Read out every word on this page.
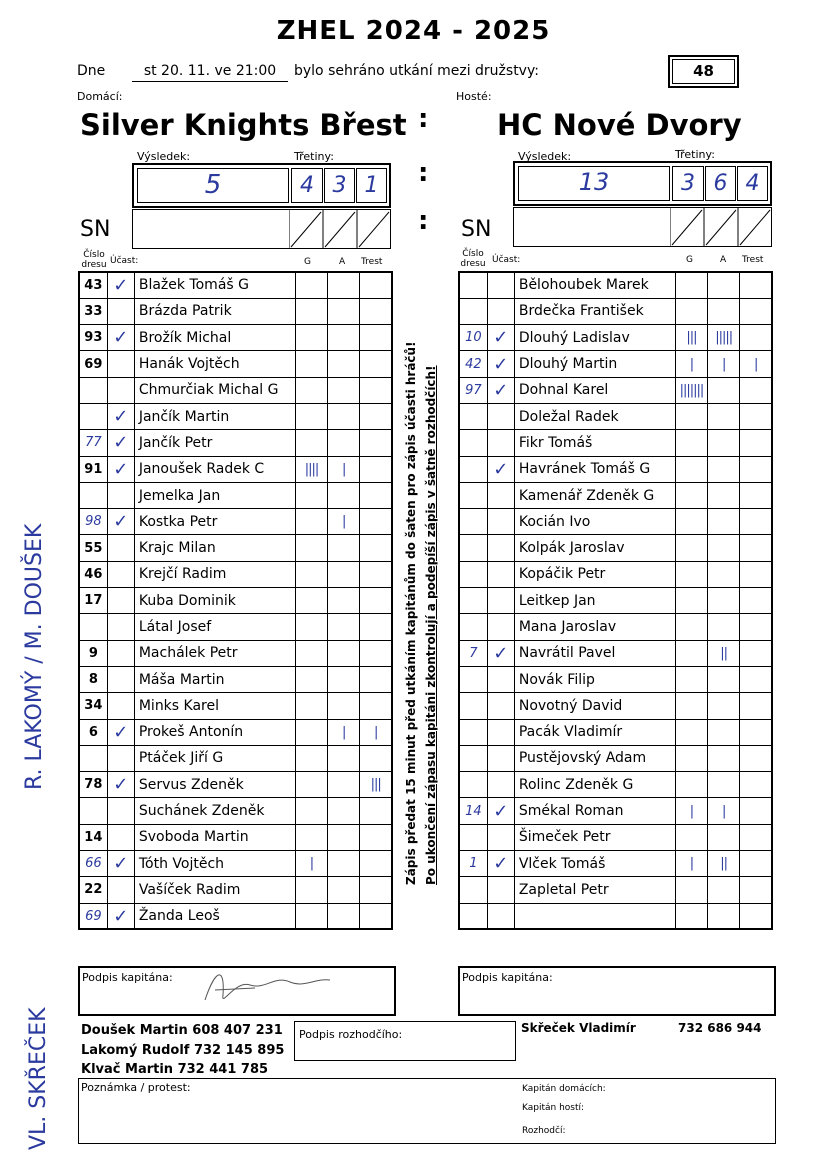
ZHEL 2024 - 2025
Dne	st 20. 11. ve 21:00	bylo sehráno utkání mezi družstvy:	48
Domácí:	Hosté:
Silver Knights Břest	HC Nové Dvory
:
:
:
Výsledek:	Třetiny:
5	4 3 1
Výsledek:	Třetiny:
13	3 6 4
SN	SN
Číslo dresu Účast:	G	A Trest
Číslo dresu Účast:	G	A Trest
43	✓	Blažek Tomáš G			
33		Brázda Patrik			
93	✓	Brožík Michal			
69		Hanák Vojtěch			
		Chmurčiak Michal G			
	✓	Jančík Martin			
77	✓	Jančík Petr			
91	✓	Janoušek Radek C	||||	|	
		Jemelka Jan			
98	✓	Kostka Petr		|	
55		Krajc Milan			
46		Krejčí Radim			
17		Kuba Dominik			
		Látal Josef			
9		Machálek Petr			
8		Máša Martin			
34		Minks Karel			
6	✓	Prokeš Antonín		|	|
		Ptáček Jiří G			
78	✓	Servus Zdeněk			|||
		Suchánek Zdeněk			
14		Svoboda Martin			
66	✓	Tóth Vojtěch	|		
22		Vašíček Radim			
69	✓	Žanda Leoš			
		Bělohoubek Marek			
		Brdečka František			
10	✓	Dlouhý Ladislav	|||	|||||	
42	✓	Dlouhý Martin	|	|	|
97	✓	Dohnal Karel	|||||||		
		Doležal Radek			
		Fikr Tomáš			
	✓	Havránek Tomáš G			
		Kamenář Zdeněk G			
		Kocián Ivo			
		Kolpák Jaroslav			
		Kopáčik Petr			
		Leitkep Jan			
		Mana Jaroslav			
7	✓	Navrátil Pavel		||	
		Novák Filip			
		Novotný David			
		Pacák Vladimír			
		Pustějovský Adam			
		Rolinc Zdeněk G			
14	✓	Smékal Roman	|	|	
		Šimeček Petr			
1	✓	Vlček Tomáš	|	||	
		Zapletal Petr			

Zápis předat 15 minut před utkáním kapitánům do šaten pro zápis účasti hráčů! Po ukončení zápasu kapitáni zkontrolují a podepíší zápis v šatně rozhodčích!
R. LAKOMÝ / M. DOUŠEK
VL. SKŘEČEK
Podpis kapitána:	Podpis kapitána:
Doušek Martin 608 407 231
Lakomý Rudolf 732 145 895
Klvač Martin 732 441 785
Podpis rozhodčího:	Skřeček Vladimír	732 686 944
Poznámka / protest:	Kapitán domácích:
Kapitán hostí:
Rozhodčí:
